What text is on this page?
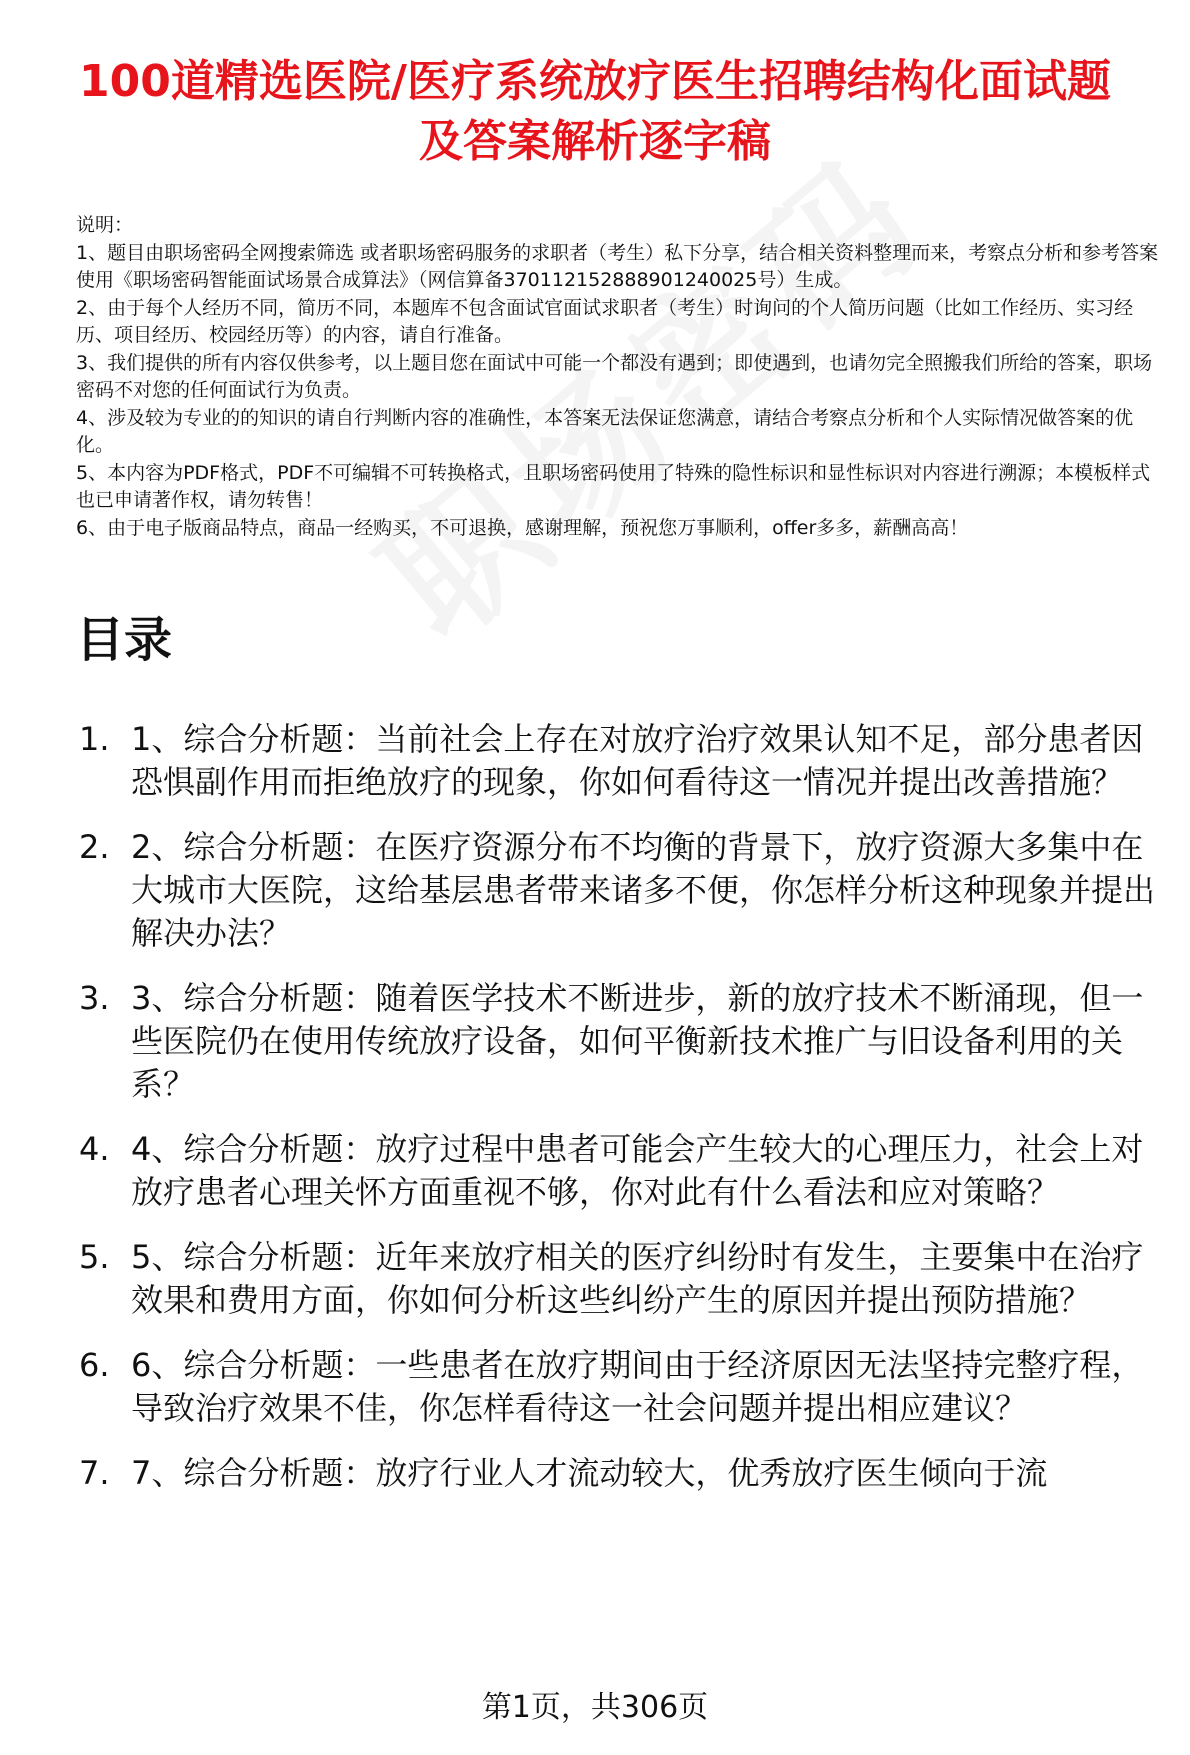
100道精选医院/医疗系统放疗医生招聘结构化面试题及答案解析逐字稿

说明：

1、题目由职场密码全网搜索筛选 或者职场密码服务的求职者（考生）私下分享，结合相关资料整理而来，考察点分析和参考答案使用《职场密码智能面试场景合成算法》（网信算备370112152888901240025号）生成。

2、由于每个人经历不同，简历不同，本题库不包含面试官面试求职者（考生）时询问的个人简历问题（比如工作经历、实习经历、项目经历、校园经历等）的内容，请自行准备。

3、我们提供的所有内容仅供参考，以上题目您在面试中可能一个都没有遇到；即使遇到，也请勿完全照搬我们所给的答案，职场密码不对您的任何面试行为负责。

4、涉及较为专业的的知识的请自行判断内容的准确性，本答案无法保证您满意，请结合考察点分析和个人实际情况做答案的优化。

5、本内容为PDF格式，PDF不可编辑不可转换格式，且职场密码使用了特殊的隐性标识和显性标识对内容进行溯源；本模板样式也已申请著作权，请勿转售！

6、由于电子版商品特点，商品一经购买，不可退换，感谢理解，预祝您万事顺利，offer多多，薪酬高高！

目录
1. 1、综合分析题：当前社会上存在对放疗治疗效果认知不足，部分患者因恐惧副作用而拒绝放疗的现象，你如何看待这一情况并提出改善措施？
2. 2、综合分析题：在医疗资源分布不均衡的背景下，放疗资源大多集中在大城市大医院，这给基层患者带来诸多不便，你怎样分析这种现象并提出解决办法？
3. 3、综合分析题：随着医学技术不断进步，新的放疗技术不断涌现，但一些医院仍在使用传统放疗设备，如何平衡新技术推广与旧设备利用的关系？
4. 4、综合分析题：放疗过程中患者可能会产生较大的心理压力，社会上对放疗患者心理关怀方面重视不够，你对此有什么看法和应对策略？
5. 5、综合分析题：近年来放疗相关的医疗纠纷时有发生，主要集中在治疗效果和费用方面，你如何分析这些纠纷产生的原因并提出预防措施？
6. 6、综合分析题：一些患者在放疗期间由于经济原因无法坚持完整疗程，导致治疗效果不佳，你怎样看待这一社会问题并提出相应建议？
7. 7、综合分析题：放疗行业人才流动较大，优秀放疗医生倾向于流
第1页，共306页
